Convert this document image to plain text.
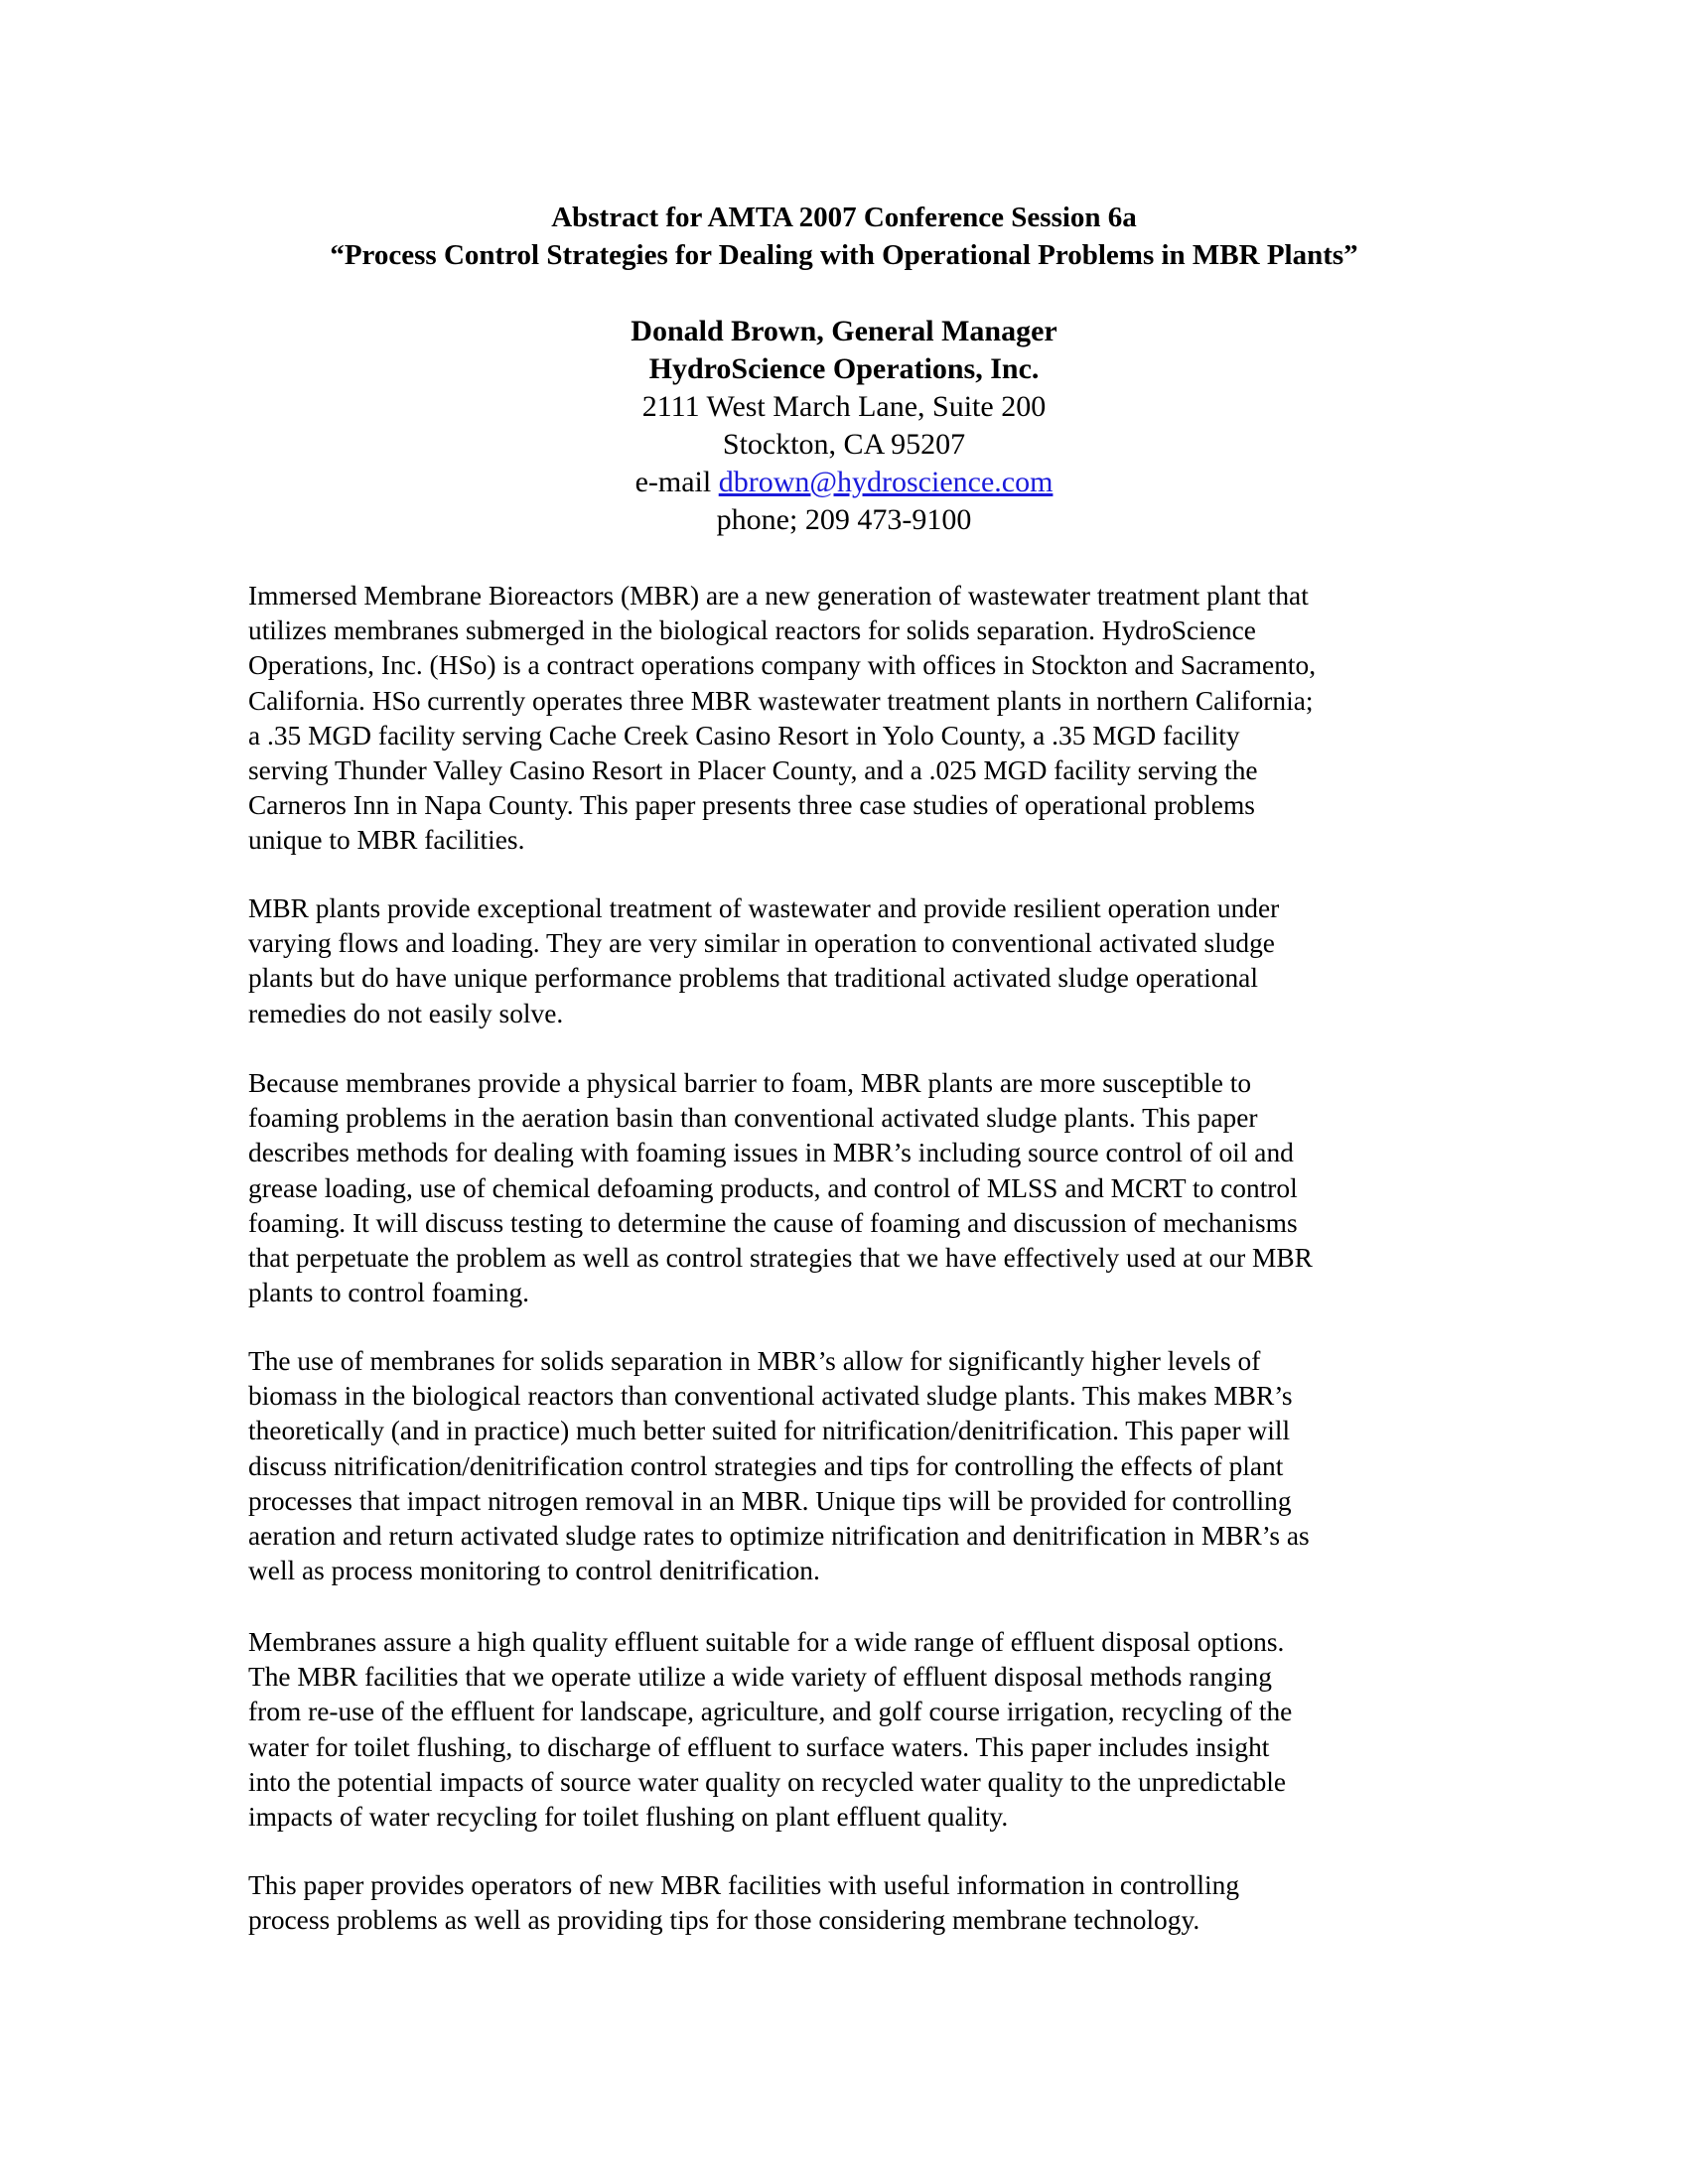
Abstract for AMTA 2007 Conference Session 6a
“Process Control Strategies for Dealing with Operational Problems in MBR Plants”
Donald Brown, General Manager
HydroScience Operations, Inc.
2111 West March Lane, Suite 200
Stockton, CA 95207
e-mail dbrown@hydroscience.com
phone; 209 473-9100
Immersed Membrane Bioreactors (MBR) are a new generation of wastewater treatment plant that
utilizes membranes submerged in the biological reactors for solids separation. HydroScience
Operations, Inc. (HSo) is a contract operations company with offices in Stockton and Sacramento,
California. HSo currently operates three MBR wastewater treatment plants in northern California;
a .35 MGD facility serving Cache Creek Casino Resort in Yolo County, a .35 MGD facility
serving Thunder Valley Casino Resort in Placer County, and a .025 MGD facility serving the
Carneros Inn in Napa County. This paper presents three case studies of operational problems
unique to MBR facilities.
MBR plants provide exceptional treatment of wastewater and provide resilient operation under
varying flows and loading. They are very similar in operation to conventional activated sludge
plants but do have unique performance problems that traditional activated sludge operational
remedies do not easily solve.
Because membranes provide a physical barrier to foam, MBR plants are more susceptible to
foaming problems in the aeration basin than conventional activated sludge plants. This paper
describes methods for dealing with foaming issues in MBR’s including source control of oil and
grease loading, use of chemical defoaming products, and control of MLSS and MCRT to control
foaming. It will discuss testing to determine the cause of foaming and discussion of mechanisms
that perpetuate the problem as well as control strategies that we have effectively used at our MBR
plants to control foaming.
The use of membranes for solids separation in MBR’s allow for significantly higher levels of
biomass in the biological reactors than conventional activated sludge plants. This makes MBR’s
theoretically (and in practice) much better suited for nitrification/denitrification. This paper will
discuss nitrification/denitrification control strategies and tips for controlling the effects of plant
processes that impact nitrogen removal in an MBR. Unique tips will be provided for controlling
aeration and return activated sludge rates to optimize nitrification and denitrification in MBR’s as
well as process monitoring to control denitrification.
Membranes assure a high quality effluent suitable for a wide range of effluent disposal options.
The MBR facilities that we operate utilize a wide variety of effluent disposal methods ranging
from re-use of the effluent for landscape, agriculture, and golf course irrigation, recycling of the
water for toilet flushing, to discharge of effluent to surface waters. This paper includes insight
into the potential impacts of source water quality on recycled water quality to the unpredictable
impacts of water recycling for toilet flushing on plant effluent quality.
This paper provides operators of new MBR facilities with useful information in controlling
process problems as well as providing tips for those considering membrane technology.
